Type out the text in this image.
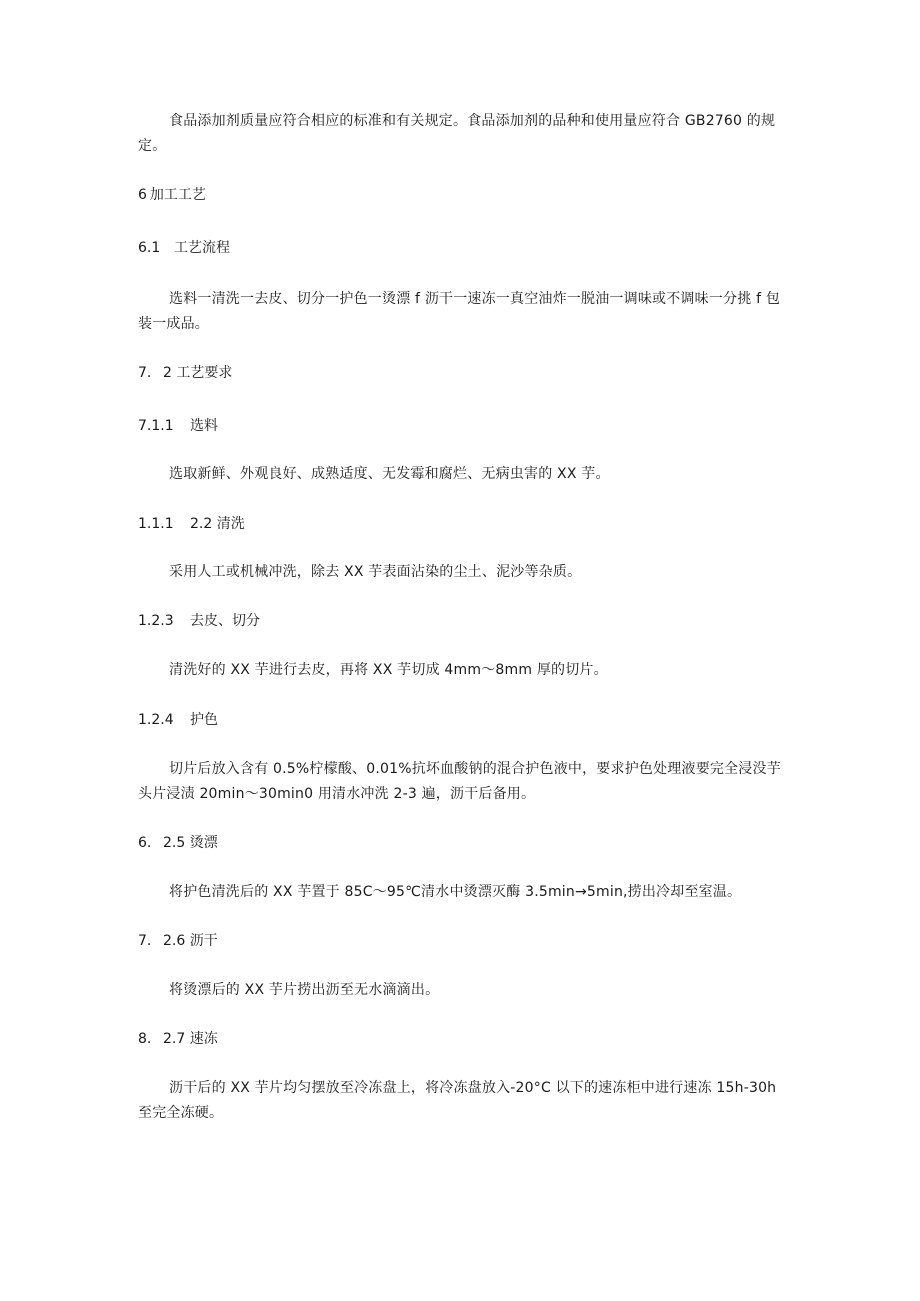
食品添加剂质量应符合相应的标准和有关规定。食品添加剂的品种和使用量应符合 GB2760 的规定。

6 加工工艺
6.1 工艺流程

选料一清洗一去皮、切分一护色一烫漂 f 沥干一速冻一真空油炸一脱油一调味或不调味一分挑 f 包装一成品。

7. 2 工艺要求
7.1.1 选料

选取新鲜、外观良好、成熟适度、无发霉和腐烂、无病虫害的 XX 芋。

1.1.1 2.2 清洗

采用人工或机械冲洗，除去 XX 芋表面沾染的尘土、泥沙等杂质。

1.2.3 去皮、切分

清洗好的 XX 芋进行去皮，再将 XX 芋切成 4mm～8mm 厚的切片。

1.2.4 护色

切片后放入含有 0.5%柠檬酸、0.01%抗坏血酸钠的混合护色液中，要求护色处理液要完全浸没芋头片浸渍 20min～30min0 用清水冲洗 2-3 遍，沥干后备用。

6. 2.5 烫漂

将护色清洗后的 XX 芋置于 85C～95℃清水中烫漂灭酶 3.5min→5min,捞出冷却至室温。

7. 2.6 沥干

将烫漂后的 XX 芋片捞出沥至无水滴滴出。

8. 2.7 速冻

沥干后的 XX 芋片均匀摆放至冷冻盘上，将冷冻盘放入-20°C 以下的速冻柜中进行速冻 15h-30h 至完全冻硬。
